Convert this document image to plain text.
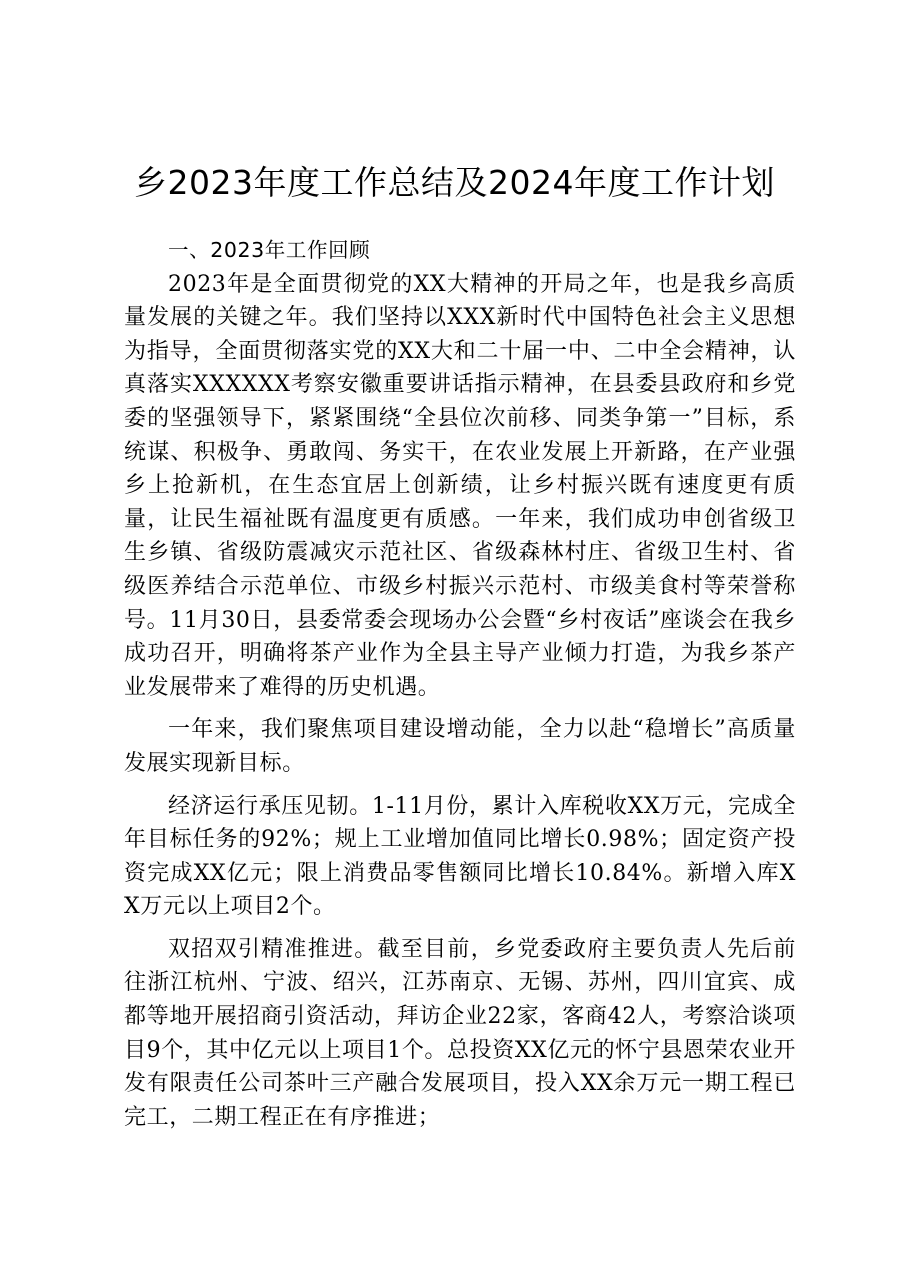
乡2023年度工作总结及2024年度工作计划

一、2023年工作回顾

2023年是全面贯彻党的XX大精神的开局之年，也是我乡高质量发展的关键之年。我们坚持以XXX新时代中国特色社会主义思想为指导，全面贯彻落实党的XX大和二十届一中、二中全会精神，认真落实XXXXXX考察安徽重要讲话指示精神，在县委县政府和乡党委的坚强领导下，紧紧围绕“全县位次前移、同类争第一”目标，系统谋、积极争、勇敢闯、务实干，在农业发展上开新路，在产业强乡上抢新机，在生态宜居上创新绩，让乡村振兴既有速度更有质量，让民生福祉既有温度更有质感。一年来，我们成功申创省级卫生乡镇、省级防震减灾示范社区、省级森林村庄、省级卫生村、省级医养结合示范单位、市级乡村振兴示范村、市级美食村等荣誉称号。11月30日，县委常委会现场办公会暨“乡村夜话”座谈会在我乡成功召开，明确将茶产业作为全县主导产业倾力打造，为我乡茶产业发展带来了难得的历史机遇。

一年来，我们聚焦项目建设增动能，全力以赴“稳增长”高质量发展实现新目标。

经济运行承压见韧。1-11月份，累计入库税收XX万元，完成全年目标任务的92%；规上工业增加值同比增长0.98%；固定资产投资完成XX亿元；限上消费品零售额同比增长10.84%。新增入库XX万元以上项目2个。

双招双引精准推进。截至目前，乡党委政府主要负责人先后前往浙江杭州、宁波、绍兴，江苏南京、无锡、苏州，四川宜宾、成都等地开展招商引资活动，拜访企业22家，客商42人，考察洽谈项目9个，其中亿元以上项目1个。总投资XX亿元的怀宁县恩荣农业开发有限责任公司茶叶三产融合发展项目，投入XX余万元一期工程已完工，二期工程正在有序推进；
